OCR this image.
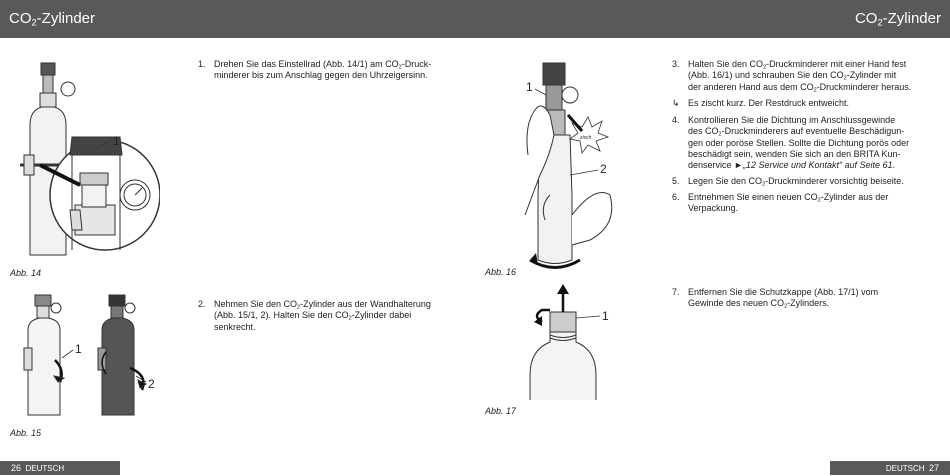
$CO_2$-Zylinder	$CO_2$-Zylinder
1
Abb. 14
1
2
Abb. 15
1. Drehen Sie das Einstellrad (Abb. 14/1) am $CO_2-Druck-$
minderer bis zum Anschlag gegen den Uhrzeigersinn.
2. Nehmen Sie den $CO_2$-Zylinder aus der Wandhalterung
(Abb. 15/1, 2). Halten Sie den $CO_2$-Zylinder dabei
senkrecht.
zisch
1
2
Abb. 16
1
Abb. 17
3. Halten Sie den $CO_2$-Druckminderer mit einer Hand fest
(Abb. 16/1) und schrauben Sie den $CO_2$-Zylinder mit
der anderen Hand aus dem $CO_2$-Druckminderer heraus.
↳ Es zischt kurz. Der Restdruck entweicht.
4. Kontrollieren Sie die Dichtung im Anschlussgewinde
des $CO_2$-Druckminderers auf eventuelle Beschädigun-
gen oder poröse Stellen. Sollte die Dichtung porös oder
beschädigt sein, wenden Sie sich an den BRITA Kun-
denservice ►„12 Service und Kontakt“ auf Seite 61.
5. Legen Sie den $CO_2$-Druckminderer vorsichtig beiseite.
6. Entnehmen Sie einen neuen $CO_2$-Zylinder aus der
Verpackung.
7. Entfernen Sie die Schutzkappe (Abb. 17/1) vom
Gewinde des neuen $CO_2$-Zylinders.
26 DEUTSCH	DEUTSCH 27
